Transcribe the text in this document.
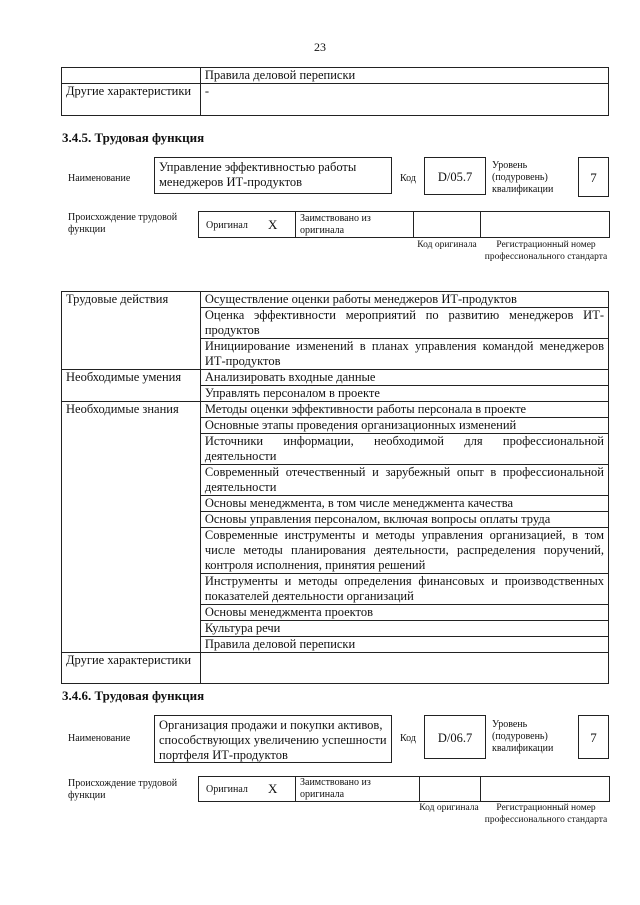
23
	Правила деловой переписки
Другие характеристики	-
3.4.5. Трудовая функция
Наименование
Управление эффективностью работы менеджеров ИТ-продуктов	Код	D/05.7
Уровень (подуровень) квалификации
7
Происхождение трудовой функции	Оригинал X Заимствовано из оригинала
Код оригинала	Регистрационный номер профессионального стандарта
Трудовые действия	Осуществление оценки работы менеджеров ИТ-продуктов
	Оценка эффективности мероприятий по развитию менеджеров ИТ-продуктов
	Инициирование изменений в планах управления командой менеджеров ИТ-продуктов
Необходимые умения	Анализировать входные данные
	Управлять персоналом в проекте
Необходимые знания	Методы оценки эффективности работы персонала в проекте
	Основные этапы проведения организационных изменений
	Источники информации, необходимой для профессиональной деятельности
	Современный отечественный и зарубежный опыт в профессиональной деятельности
	Основы менеджмента, в том числе менеджмента качества
	Основы управления персоналом, включая вопросы оплаты труда
	Современные инструменты и методы управления организацией, в том числе методы планирования деятельности, распределения поручений, контроля исполнения, принятия решений
	Инструменты и методы определения финансовых и производственных показателей деятельности организаций
	Основы менеджмента проектов
	Культура речи
	Правила деловой переписки
Другие характеристики	
3.4.6. Трудовая функция
Наименование
Организация продажи и покупки активов, способствующих увеличению успешности портфеля ИТ-продуктов
Код	D/06.7
Уровень (подуровень) квалификации
7
Происхождение трудовой функции
Оригинал X Заимствовано из оригинала
Код оригинала	Регистрационный номер профессионального стандарта
